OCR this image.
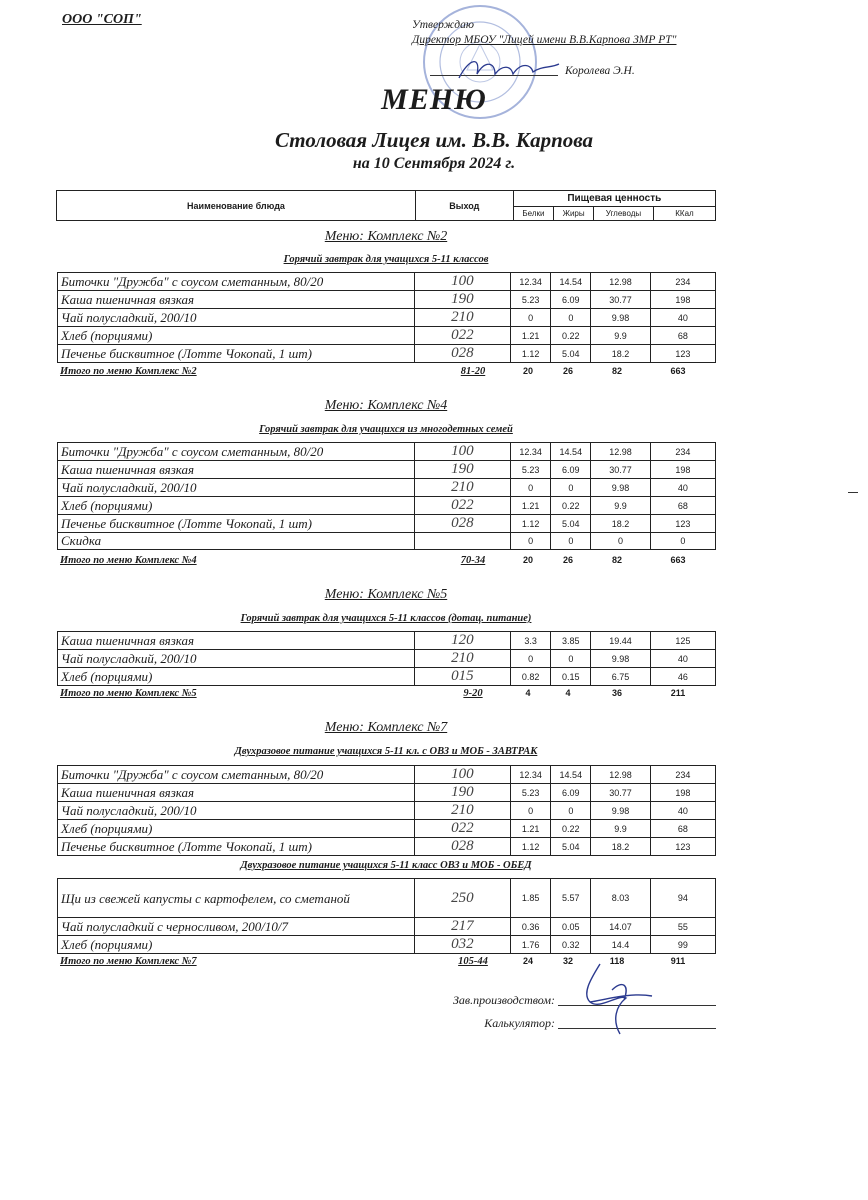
ООО "СОП"	Утверждаю
Директор МБОУ "Лицей имени В.В.Карпова ЗМР РТ"
Королева Э.Н.
МЕНЮ
Столовая Лицея им. В.В. Карпова
на 10 Сентября 2024 г.
Наименование блюда	Выход	Пищевая ценность			
		Белки	Жиры	Углеводы	ККал
Меню: Комплекс №2
Горячий завтрак для учащихся 5-11 классов
Биточки "Дружба" с соусом сметанным, 80/20	100	12.34	14.54	12.98	234
Каша пшеничная вязкая	190	5.23	6.09	30.77	198
Чай полусладкий, 200/10	210	0	0	9.98	40
Хлеб (порциями)	022	1.21	0.22	9.9	68
Печенье бисквитное (Лотте Чокопай, 1 шт)	028	1.12	5.04	18.2	123
Итого по меню Комплекс №2	81-20	20	26	82	663
Меню: Комплекс №4
Горячий завтрак для учащихся из многодетных семей
Биточки "Дружба" с соусом сметанным, 80/20	100	12.34	14.54	12.98	234
Каша пшеничная вязкая	190	5.23	6.09	30.77	198
Чай полусладкий, 200/10	210	0	0	9.98	40
Хлеб (порциями)	022	1.21	0.22	9.9	68
Печенье бисквитное (Лотте Чокопай, 1 шт)	028	1.12	5.04	18.2	123
Скидка		0	0	0	0
Итого по меню Комплекс №4	70-34	20	26	82	663
Меню: Комплекс №5
Горячий завтрак для учащихся 5-11 классов (дотац. питание)
Каша пшеничная вязкая	120	3.3	3.85	19.44	125
Чай полусладкий, 200/10	210	0	0	9.98	40
Хлеб (порциями)	015	0.82	0.15	6.75	46
Итого по меню Комплекс №5	9-20	4	4	36	211
Меню: Комплекс №7
Двухразовое питание учащихся 5-11 кл. с ОВЗ и МОБ - ЗАВТРАК
Биточки "Дружба" с соусом сметанным, 80/20	100	12.34	14.54	12.98	234
Каша пшеничная вязкая	190	5.23	6.09	30.77	198
Чай полусладкий, 200/10	210	0	0	9.98	40
Хлеб (порциями)	022	1.21	0.22	9.9	68
Печенье бисквитное (Лотте Чокопай, 1 шт)	028	1.12	5.04	18.2	123
Двухразовое питание учащихся 5-11 класс ОВЗ и МОБ - ОБЕД
Щи из свежей капусты с картофелем, со сметаной	250	1.85	5.57	8.03	94
Чай полусладкий с черносливом, 200/10/7	217	0.36	0.05	14.07	55
Хлеб (порциями)	032	1.76	0.32	14.4	99
Итого по меню Комплекс №7	105-44	24	32	118	911
Зав.производством:
Калькулятор:
